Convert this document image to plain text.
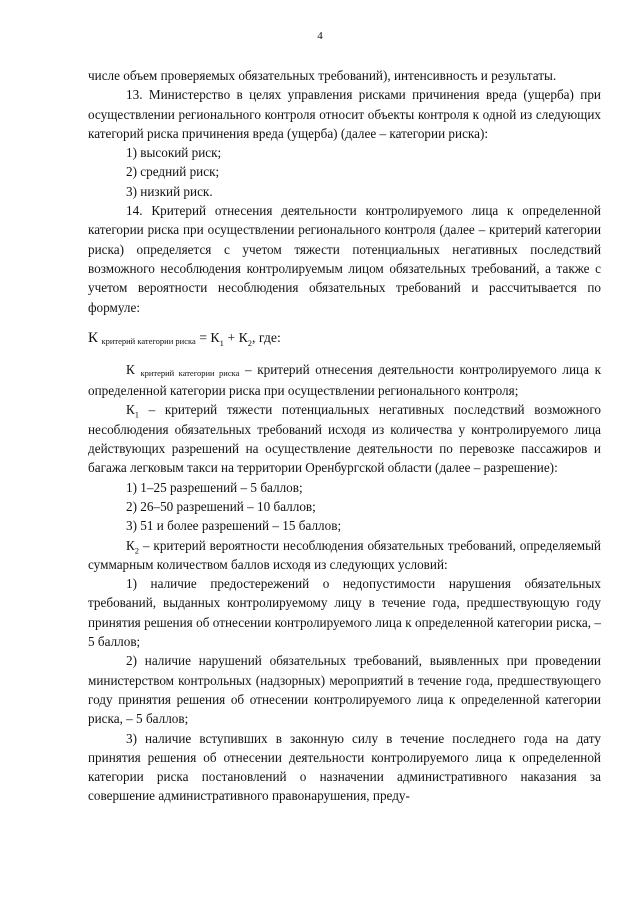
4

числе объем проверяемых обязательных требований), интенсивность и результаты.

13. Министерство в целях управления рисками причинения вреда (ущерба) при осуществлении регионального контроля относит объекты контроля к одной из следующих категорий риска причинения вреда (ущерба) (далее – категории риска):

1) высокий риск;

2) средний риск;

3) низкий риск.

14. Критерий отнесения деятельности контролируемого лица к определенной категории риска при осуществлении регионального контроля (далее – критерий категории риска) определяется с учетом тяжести потенциальных негативных последствий возможного несоблюдения контролируемым лицом обязательных требований, а также с учетом вероятности несоблюдения обязательных требований и рассчитывается по формуле:

К критерий категории риска = $К_1 + К_2$, где:

К критерий категории риска – критерий отнесения деятельности контролируемого лица к определенной категории риска при осуществлении регионального контроля;

$К_1$ – критерий тяжести потенциальных негативных последствий возможного несоблюдения обязательных требований исходя из количества у контролируемого лица действующих разрешений на осуществление деятельности по перевозке пассажиров и багажа легковым такси на территории Оренбургской области (далее – разрешение):

1) 1–25 разрешений – 5 баллов;

2) 26–50 разрешений – 10 баллов;

3) 51 и более разрешений – 15 баллов;

$К_2$ – критерий вероятности несоблюдения обязательных требований, определяемый суммарным количеством баллов исходя из следующих условий:

1) наличие предостережений о недопустимости нарушения обязательных требований, выданных контролируемому лицу в течение года, предшествующую году принятия решения об отнесении контролируемого лица к определенной категории риска, – 5 баллов;

2) наличие нарушений обязательных требований, выявленных при проведении министерством контрольных (надзорных) мероприятий в течение года, предшествующего году принятия решения об отнесении контролируемого лица к определенной категории риска, – 5 баллов;

3) наличие вступивших в законную силу в течение последнего года на дату принятия решения об отнесении деятельности контролируемого лица к определенной категории риска постановлений о назначении административного наказания за совершение административного правонарушения, преду-
